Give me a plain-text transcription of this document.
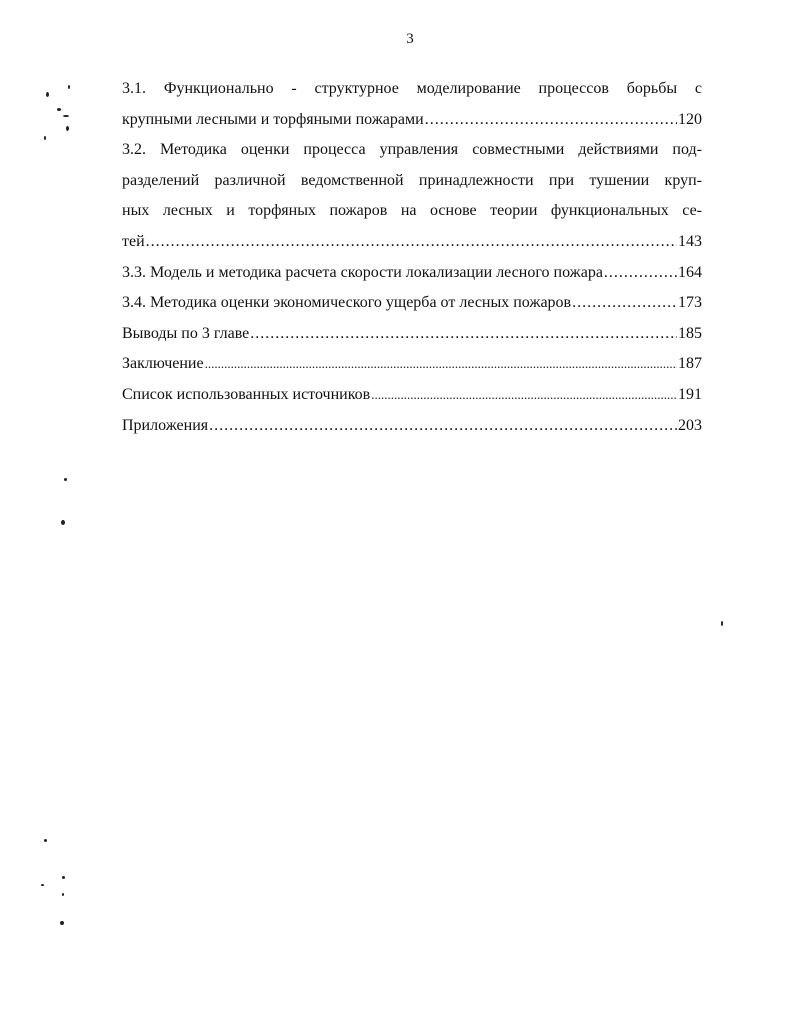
3
3.1. Функционально - структурное моделирование процессов борьбы с
крупными лесными и торфяными пожарами .....	120
3.2. Методика оценки процесса управления совместными действиями под-
разделений различной ведомственной принадлежности при тушении круп-
ных лесных и торфяных пожаров на основе теории функциональных се-
тей .....	143
3.3. Модель и методика расчета скорости локализации лесного пожара .....	164
3.4. Методика оценки экономического ущерба от лесных пожаров .....	173
Выводы по 3 главе .....	185
Заключение .....	187
Список использованных источников .....	191
Приложения .....	203
